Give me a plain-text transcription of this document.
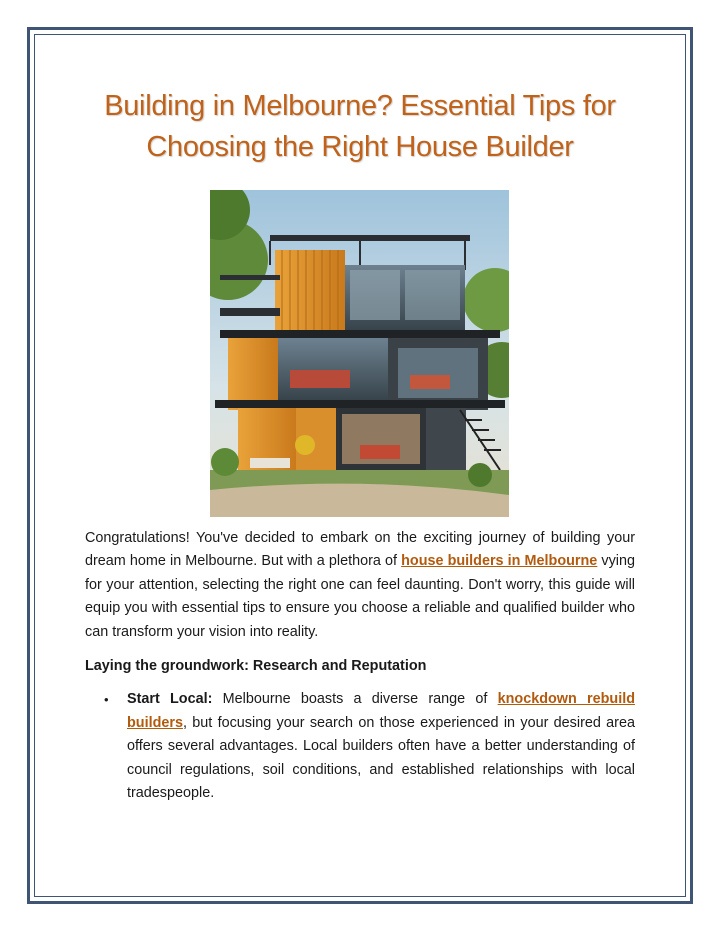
Building in Melbourne? Essential Tips for
Choosing the Right House Builder

Congratulations! You've decided to embark on the exciting journey of building your dream home in Melbourne. But with a plethora of house builders in Melbourne vying for your attention, selecting the right one can feel daunting. Don't worry, this guide will equip you with essential tips to ensure you choose a reliable and qualified builder who can transform your vision into reality.

Laying the groundwork: Research and Reputation

• Start Local: Melbourne boasts a diverse range of knockdown rebuild builders, but focusing your search on those experienced in your desired area offers several advantages. Local builders often have a better understanding of council regulations, soil conditions, and established relationships with local tradespeople.
